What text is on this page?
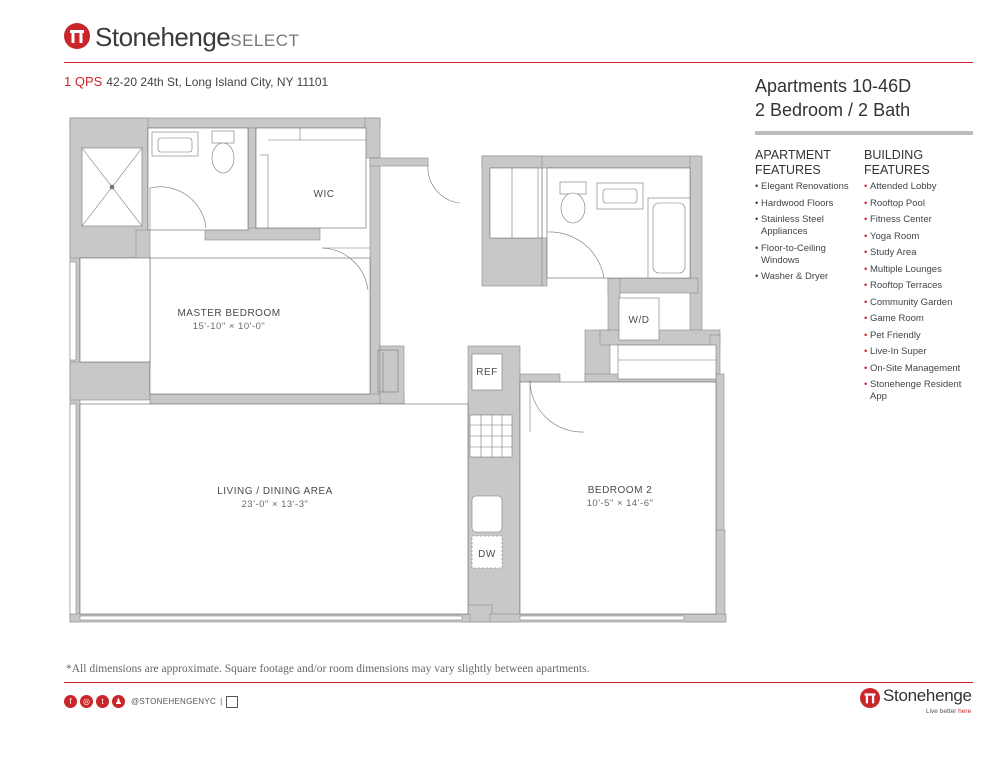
StonehengeSELECT
1 QPS 42-20 24th St, Long Island City, NY 11101	Apartments 10-46D
2 Bedroom / 2 Bath
APARTMENT
FEATURES
• Elegant Renovations
• Hardwood Floors
• Stainless Steel Appliances
• Floor-to-Ceiling Windows
• Washer & Dryer
BUILDING
FEATURES
• Attended Lobby
• Rooftop Pool
• Fitness Center
• Yoga Room
• Study Area
• Multiple Lounges
• Rooftop Terraces
• Community Garden
• Game Room
• Pet Friendly
• Live-In Super
• On-Site Management
• Stonehenge Resident App
W/D
REF
DW
WIC
MASTER BEDROOM
15'-10" × 10'-0"
LIVING / DINING AREA
23'-0" × 13'-3"
BEDROOM 2
10'-5" × 14'-6"
*All dimensions are approximate. Square footage and/or room dimensions may vary slightly between apartments.
f ◎ t ♟ @STONEHENGENYC |	Stonehenge
Live better here
